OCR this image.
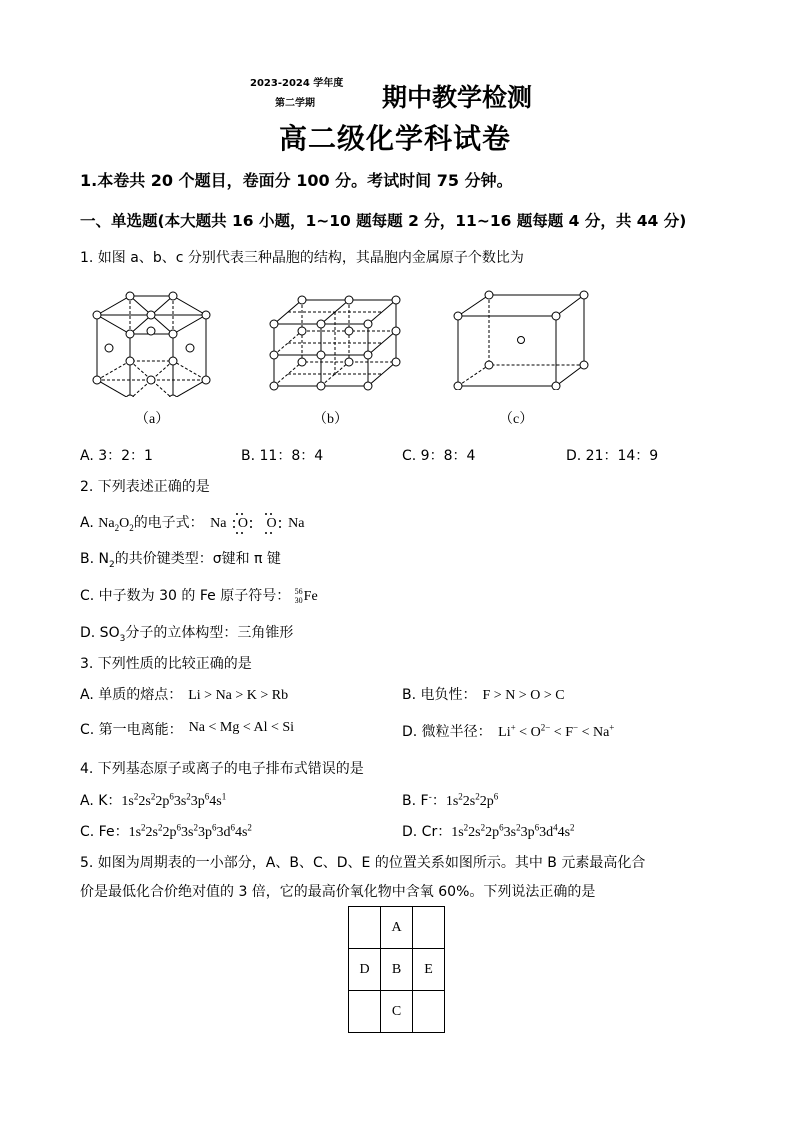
2023-2024 学年度
第二学期	期中教学检测
高二级化学科试卷
1.本卷共 20 个题目，卷面分 100 分。考试时间 75 分钟。
一、单选题(本大题共 16 小题，1~10 题每题 2 分，11~16 题每题 4 分，共 44 分)
1. 如图 a、b、c 分别代表三种晶胞的结构，其晶胞内金属原子个数比为
（a）	（b）	（c）
A. 3：2：1	B. 11：8：4	C. 9：8：4	D. 21：14：9
2. 下列表述正确的是
A. $Na_2O_2$的电子式： Na O O Na
B. $N_2$的共价键类型：σ键和 π 键
C. 中子数为 30 的 Fe 原子符号： 56
30Fe
D. $SO_3$分子的立体构型：三角锥形
3. 下列性质的比较正确的是
A. 单质的熔点： Li > Na > K > Rb	B. 电负性： F > N > O > C
C. 第一电离能： Na < Mg < Al < Si	D. 微粒半径： $Li^+ < O^{2-} < F^- < Na^+$
4. 下列基态原子或离子的电子排布式错误的是
A. K：$1s^22s^22p^63s^23p^64s^1$	B. F-：$1s^22s^22p^6$
C. Fe：$1s^22s^22p^63s^23p^63d^64s^2$	D. Cr：$1s^22s^22p^63s^23p^63d^44s^2$
5. 如图为周期表的一小部分，A、B、C、D、E 的位置关系如图所示。其中 B 元素最高化合
价是最低化合价绝对值的 3 倍，它的最高价氧化物中含氧 60%。下列说法正确的是
	A	
D	B	E
	C	
